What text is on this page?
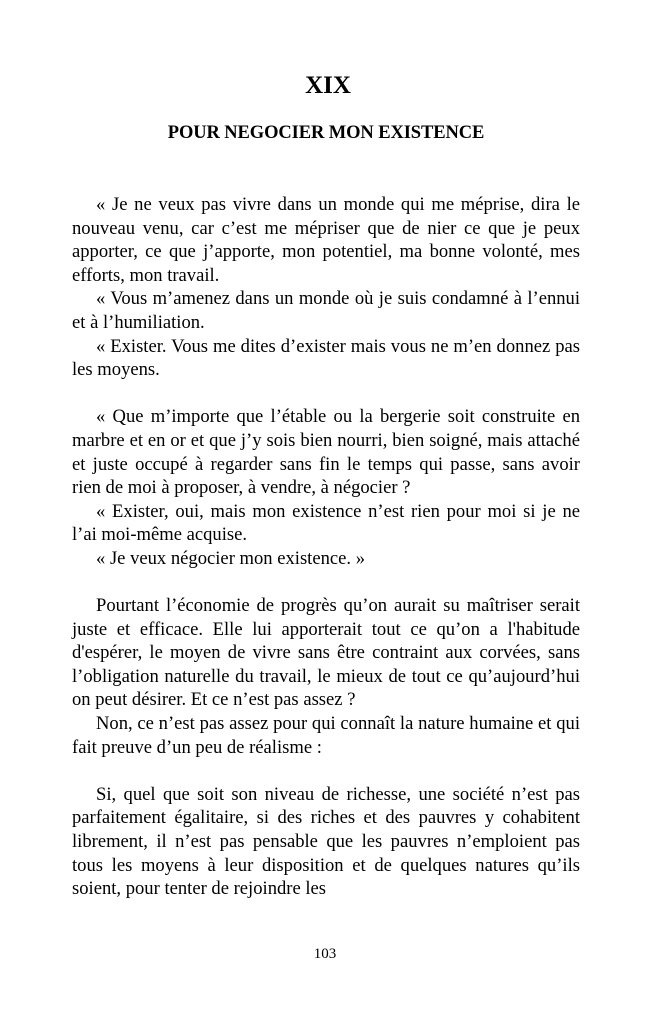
XIX
POUR NEGOCIER MON EXISTENCE

« Je ne veux pas vivre dans un monde qui me méprise, dira le nouveau venu, car c’est me mépriser que de nier ce que je peux apporter, ce que j’apporte, mon potentiel, ma bonne volonté, mes efforts, mon travail.

« Vous m’amenez dans un monde où je suis condamné à l’ennui et à l’humiliation.

« Exister. Vous me dites d’exister mais vous ne m’en donnez pas les moyens.

« Que m’importe que l’étable ou la bergerie soit construite en marbre et en or et que j’y sois bien nourri, bien soigné, mais attaché et juste occupé à regarder sans fin le temps qui passe, sans avoir rien de moi à proposer, à vendre, à négocier ?

« Exister, oui, mais mon existence n’est rien pour moi si je ne l’ai moi-même acquise.

« Je veux négocier mon existence. »

Pourtant l’économie de progrès qu’on aurait su maîtriser serait juste et efficace. Elle lui apporterait tout ce qu’on a l'habitude d'espérer, le moyen de vivre sans être contraint aux corvées, sans l’obligation naturelle du travail, le mieux de tout ce qu’aujourd’hui on peut désirer. Et ce n’est pas assez ?

Non, ce n’est pas assez pour qui connaît la nature humaine et qui fait preuve d’un peu de réalisme :

Si, quel que soit son niveau de richesse, une société n’est pas parfaitement égalitaire, si des riches et des pauvres y cohabitent librement, il n’est pas pensable que les pauvres n’emploient pas tous les moyens à leur disposition et de quelques natures qu’ils soient, pour tenter de rejoindre les

103
